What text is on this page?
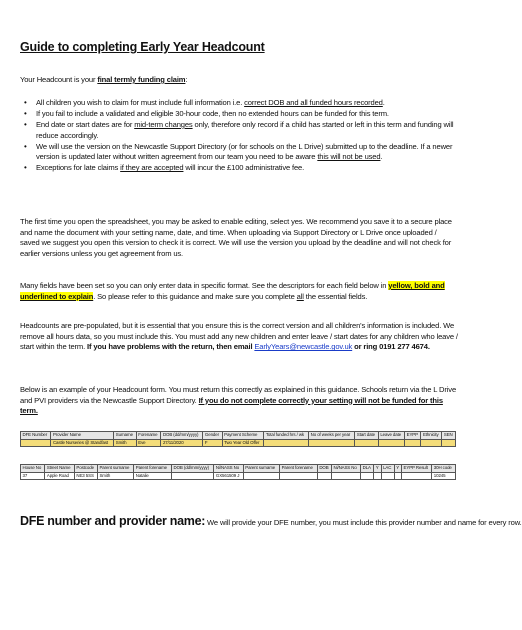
Guide to completing Early Year Headcount
Your Headcount is your final termly funding claim:
• All children you wish to claim for must include full information i.e. correct DOB and all funded hours recorded.
• If you fail to include a validated and eligible 30-hour code, then no extended hours can be funded for this term.
• End date or start dates are for mid-term changes only, therefore only record if a child has started or left in this term and funding will reduce accordingly.
• We will use the version on the Newcastle Support Directory (or for schools on the L Drive) submitted up to the deadline. If a newer version is updated later without written agreement from our team you need to be aware this will not be used.
• Exceptions for late claims if they are accepted will incur the £100 administrative fee.
The first time you open the spreadsheet, you may be asked to enable editing, select yes. We recommend you save it to a secure place and name the document with your setting name, date, and time. When uploading via Support Directory or L Drive once uploaded / saved we suggest you open this version to check it is correct. We will use the version you upload by the deadline and will not check for earlier versions unless you get agreement from us.
Many fields have been set so you can only enter data in specific format. See the descriptors for each field below in yellow, bold and underlined to explain. So please refer to this guidance and make sure you complete all the essential fields.
Headcounts are pre-populated, but it is essential that you ensure this is the correct version and all children's information is included. We remove all hours data, so you must include this. You must add any new children and enter leave / start dates for any children who leave / start within the term. If you have problems with the return, then email EarlyYears@newcastle.gov.uk or ring 0191 277 4674.
Below is an example of your Headcount form. You must return this correctly as explained in this guidance. Schools return via the L Drive and PVI providers via the Newcastle Support Directory. If you do not complete correctly your setting will not be funded for this term.
DFE Number	Provider Name	Surname	Forename	DOB (dd/mm/yyyy)	Gender	Payment Scheme	Total funded hrs / wk	No of weeks per year	Start date	Leave date	EYPP	Ethnicity	SEN
	Castle Nurseries @ Standfast	Smith	Eve	27/11/2020	F	Two Year Old Offer							
House No	Street Name	Postcode	Parent surname	Parent forename	DOB (dd/mm/yyyy)	Ni/NASS No	Parent surname	Parent forename	DOB	Ni/NASS No	DLA	Y	LAC	Y	EYPP Result	30H code
37	Apple Road	NE3 5SS	Smith	Natalie		GX561509 J										10245
DFE number and provider name: We will provide your DFE number, you must include this provider number and name for every row.
